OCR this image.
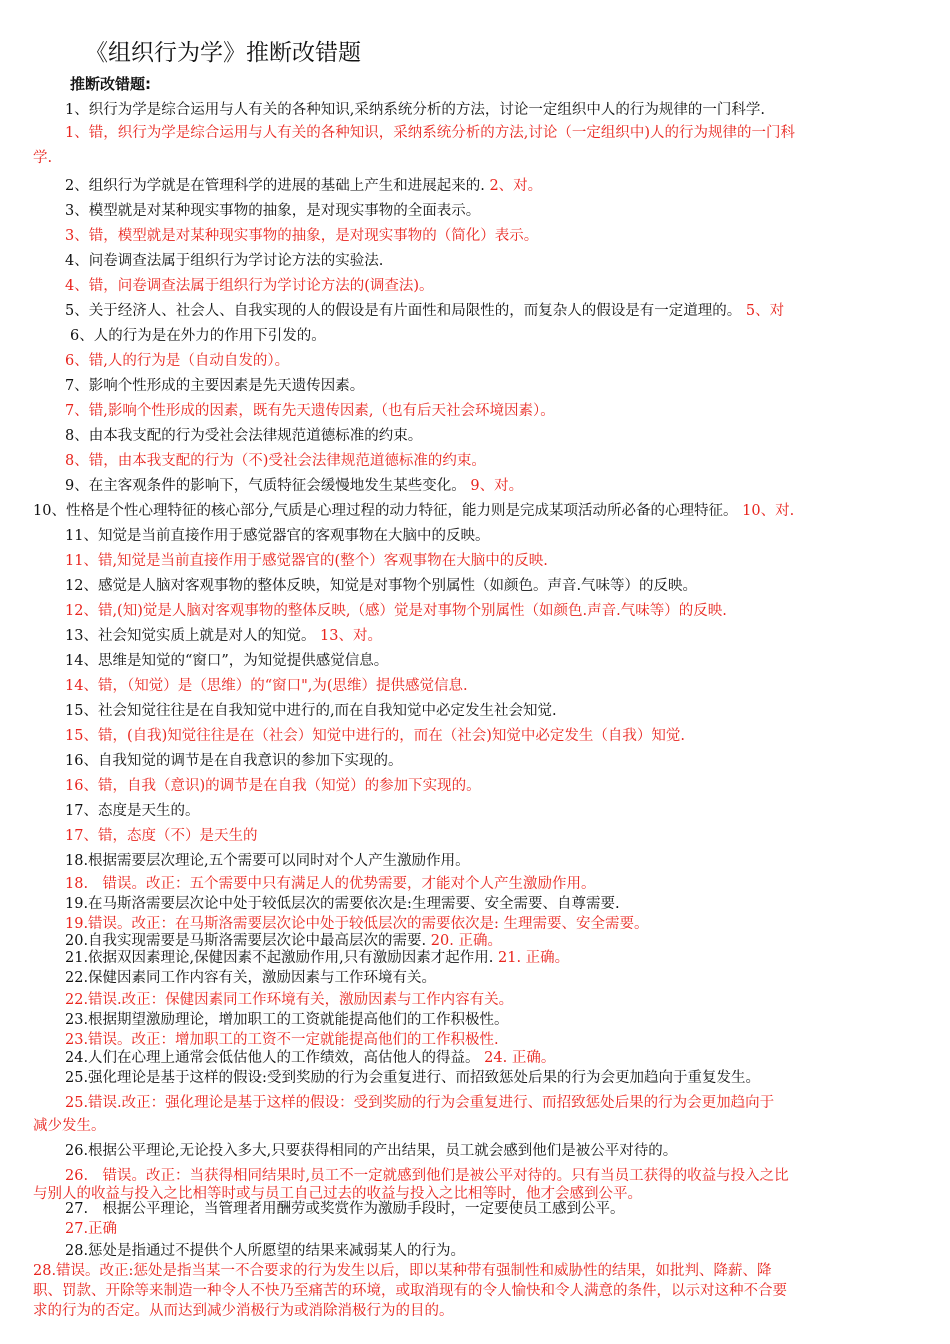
《组织行为学》推断改错题
推断改错题:
1、织行为学是综合运用与人有关的各种知识,采纳系统分析的方法，讨论一定组织中人的行为规律的一门科学.
1、错，织行为学是综合运用与人有关的各种知识，采纳系统分析的方法,讨论（一定组织中)人的行为规律的一门科
学.
2、组织行为学就是在管理科学的进展的基础上产生和进展起来的. 2、对。
3、模型就是对某种现实事物的抽象，是对现实事物的全面表示。
3、错，模型就是对某种现实事物的抽象，是对现实事物的（简化）表示。
4、问卷调查法属于组织行为学讨论方法的实验法.
4、错，问卷调查法属于组织行为学讨论方法的(调查法)。
5、关于经济人、社会人、自我实现的人的假设是有片面性和局限性的，而复杂人的假设是有一定道理的。 5、对
6、人的行为是在外力的作用下引发的。
6、错,人的行为是（自动自发的）。
7、影响个性形成的主要因素是先天遗传因素。
7、错,影响个性形成的因素，既有先天遗传因素,（也有后天社会环境因素）。
8、由本我支配的行为受社会法律规范道德标准的约束。
8、错，由本我支配的行为（不)受社会法律规范道德标准的约束。
9、在主客观条件的影响下，气质特征会缓慢地发生某些变化。 9、对。
10、性格是个性心理特征的核心部分,气质是心理过程的动力特征，能力则是完成某项活动所必备的心理特征。 10、对.
11、知觉是当前直接作用于感觉器官的客观事物在大脑中的反映。
11、错,知觉是当前直接作用于感觉器官的(整个）客观事物在大脑中的反映.
12、感觉是人脑对客观事物的整体反映，知觉是对事物个别属性（如颜色。声音.气味等）的反映。
12、错,(知)觉是人脑对客观事物的整体反映,（感）觉是对事物个别属性（如颜色.声音.气味等）的反映.
13、社会知觉实质上就是对人的知觉。 13、对。
14、思维是知觉的“窗口”，为知觉提供感觉信息。
14、错，（知觉）是（思维）的“窗口",为(思维）提供感觉信息.
15、社会知觉往往是在自我知觉中进行的,而在自我知觉中必定发生社会知觉.
15、错，(自我)知觉往往是在（社会）知觉中进行的，而在（社会)知觉中必定发生（自我）知觉.
16、自我知觉的调节是在自我意识的参加下实现的。
16、错，自我（意识)的调节是在自我（知觉）的参加下实现的。
17、态度是天生的。
17、错，态度（不）是天生的
18.根据需要层次理论,五个需要可以同时对个人产生激励作用。
18.　错误。改正：五个需要中只有满足人的优势需要，才能对个人产生激励作用。
19.在马斯洛需要层次论中处于较低层次的需要依次是:生理需要、安全需要、自尊需要.
19.错误。改正：在马斯洛需要层次论中处于较低层次的需要依次是: 生理需要、安全需要。
20.自我实现需要是马斯洛需要层次论中最高层次的需要. 20. 正确。
21.依据双因素理论,保健因素不起激励作用,只有激励因素才起作用. 21. 正确。
22.保健因素同工作内容有关，激励因素与工作环境有关。
22.错误.改正：保健因素同工作环境有关，激励因素与工作内容有关。
23.根据期望激励理论，增加职工的工资就能提高他们的工作积极性。
23.错误。改正：增加职工的工资不一定就能提高他们的工作积极性.
24.人们在心理上通常会低估他人的工作绩效，高估他人的得益。 24. 正确。
25.强化理论是基于这样的假设:受到奖励的行为会重复进行、而招致惩处后果的行为会更加趋向于重复发生。
25.错误.改正：强化理论是基于这样的假设：受到奖励的行为会重复进行、而招致惩处后果的行为会更加趋向于
减少发生。
26.根据公平理论,无论投入多大,只要获得相同的产出结果，员工就会感到他们是被公平对待的。
26.　错误。改正：当获得相同结果时,员工不一定就感到他们是被公平对待的。只有当员工获得的收益与投入之比
与别人的收益与投入之比相等时或与员工自己过去的收益与投入之比相等时，他才会感到公平。
27.　根据公平理论，当管理者用酬劳或奖赏作为激励手段时，一定要使员工感到公平。
27.正确
28.惩处是指通过不提供个人所愿望的结果来减弱某人的行为。
28.错误。改正:惩处是指当某一不合要求的行为发生以后，即以某种带有强制性和威胁性的结果，如批判、降薪、降
职、罚款、开除等来制造一种令人不快乃至痛苦的环境，或取消现有的令人愉快和令人满意的条件，以示对这种不合要
求的行为的否定。从而达到减少消极行为或消除消极行为的目的。
